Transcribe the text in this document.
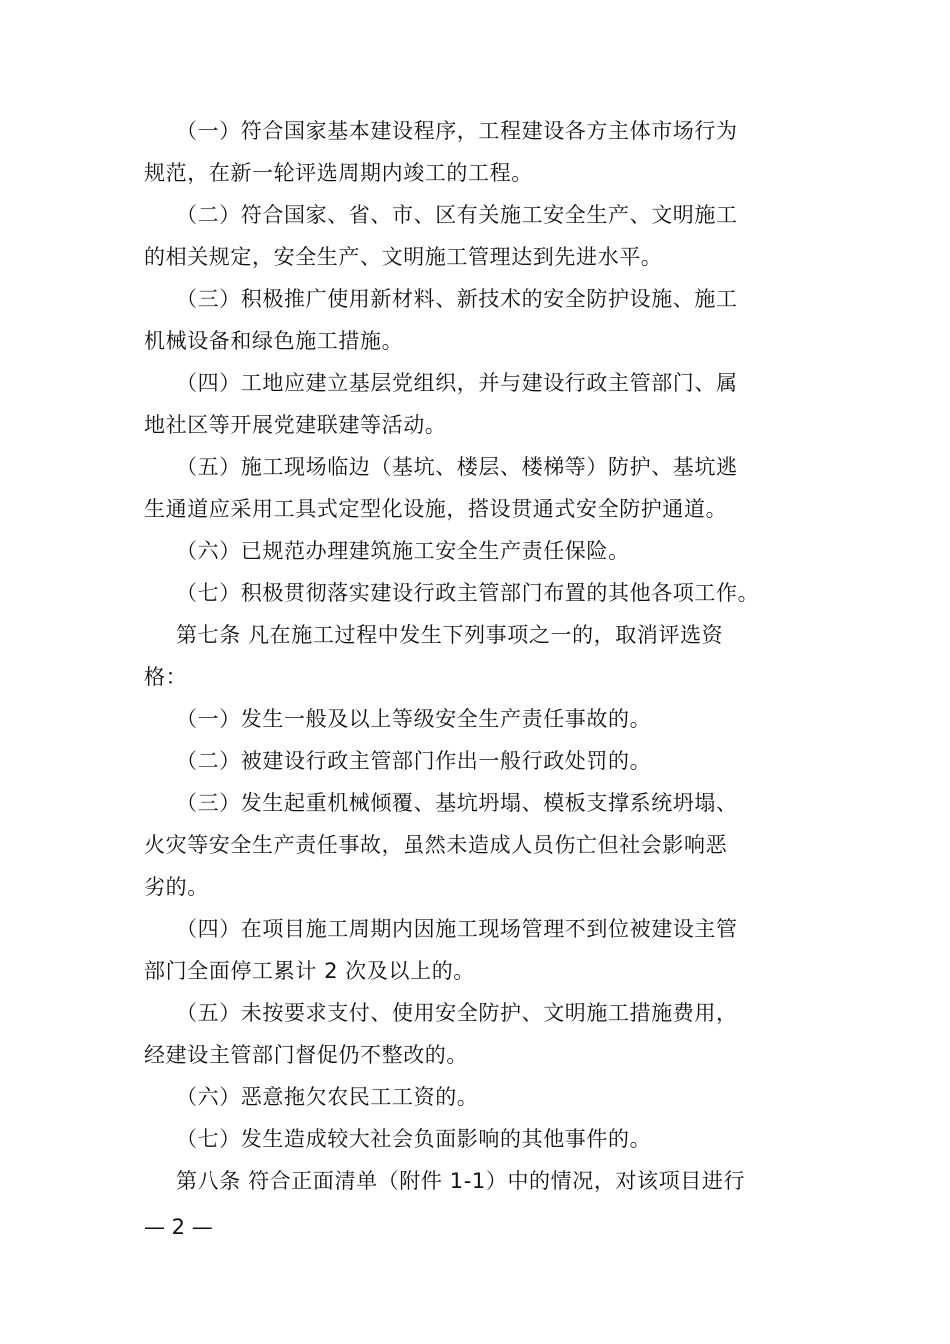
（一）符合国家基本建设程序，工程建设各方主体市场行为
规范，在新一轮评选周期内竣工的工程。
（二）符合国家、省、市、区有关施工安全生产、文明施工
的相关规定，安全生产、文明施工管理达到先进水平。
（三）积极推广使用新材料、新技术的安全防护设施、施工
机械设备和绿色施工措施。
（四）工地应建立基层党组织，并与建设行政主管部门、属
地社区等开展党建联建等活动。
（五）施工现场临边（基坑、楼层、楼梯等）防护、基坑逃
生通道应采用工具式定型化设施，搭设贯通式安全防护通道。
（六）已规范办理建筑施工安全生产责任保险。
（七）积极贯彻落实建设行政主管部门布置的其他各项工作。
第七条 凡在施工过程中发生下列事项之一的，取消评选资
格：
（一）发生一般及以上等级安全生产责任事故的。
（二）被建设行政主管部门作出一般行政处罚的。
（三）发生起重机械倾覆、基坑坍塌、模板支撑系统坍塌、
火灾等安全生产责任事故，虽然未造成人员伤亡但社会影响恶
劣的。
（四）在项目施工周期内因施工现场管理不到位被建设主管
部门全面停工累计 2 次及以上的。
（五）未按要求支付、使用安全防护、文明施工措施费用，
经建设主管部门督促仍不整改的。
（六）恶意拖欠农民工工资的。
（七）发生造成较大社会负面影响的其他事件的。
第八条 符合正面清单（附件 1-1）中的情况，对该项目进行
— 2 —
